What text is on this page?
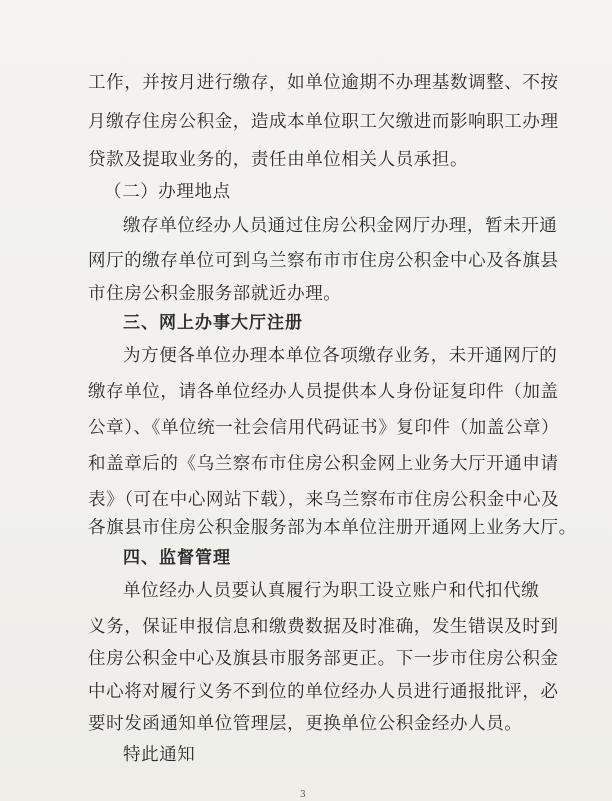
工作，并按月进行缴存，如单位逾期不办理基数调整、不按
月缴存住房公积金，造成本单位职工欠缴进而影响职工办理
贷款及提取业务的，责任由单位相关人员承担。
（二）办理地点
缴存单位经办人员通过住房公积金网厅办理，暂未开通
网厅的缴存单位可到乌兰察布市市住房公积金中心及各旗县
市住房公积金服务部就近办理。
三、网上办事大厅注册
为方便各单位办理本单位各项缴存业务，未开通网厅的
缴存单位，请各单位经办人员提供本人身份证复印件（加盖
公章）、《单位统一社会信用代码证书》复印件（加盖公章）
和盖章后的《乌兰察布市住房公积金网上业务大厅开通申请
表》（可在中心网站下载），来乌兰察布市住房公积金中心及
各旗县市住房公积金服务部为本单位注册开通网上业务大厅。
四、监督管理
单位经办人员要认真履行为职工设立账户和代扣代缴
义务，保证申报信息和缴费数据及时准确，发生错误及时到
住房公积金中心及旗县市服务部更正。下一步市住房公积金
中心将对履行义务不到位的单位经办人员进行通报批评，必
要时发函通知单位管理层，更换单位公积金经办人员。
特此通知
3
